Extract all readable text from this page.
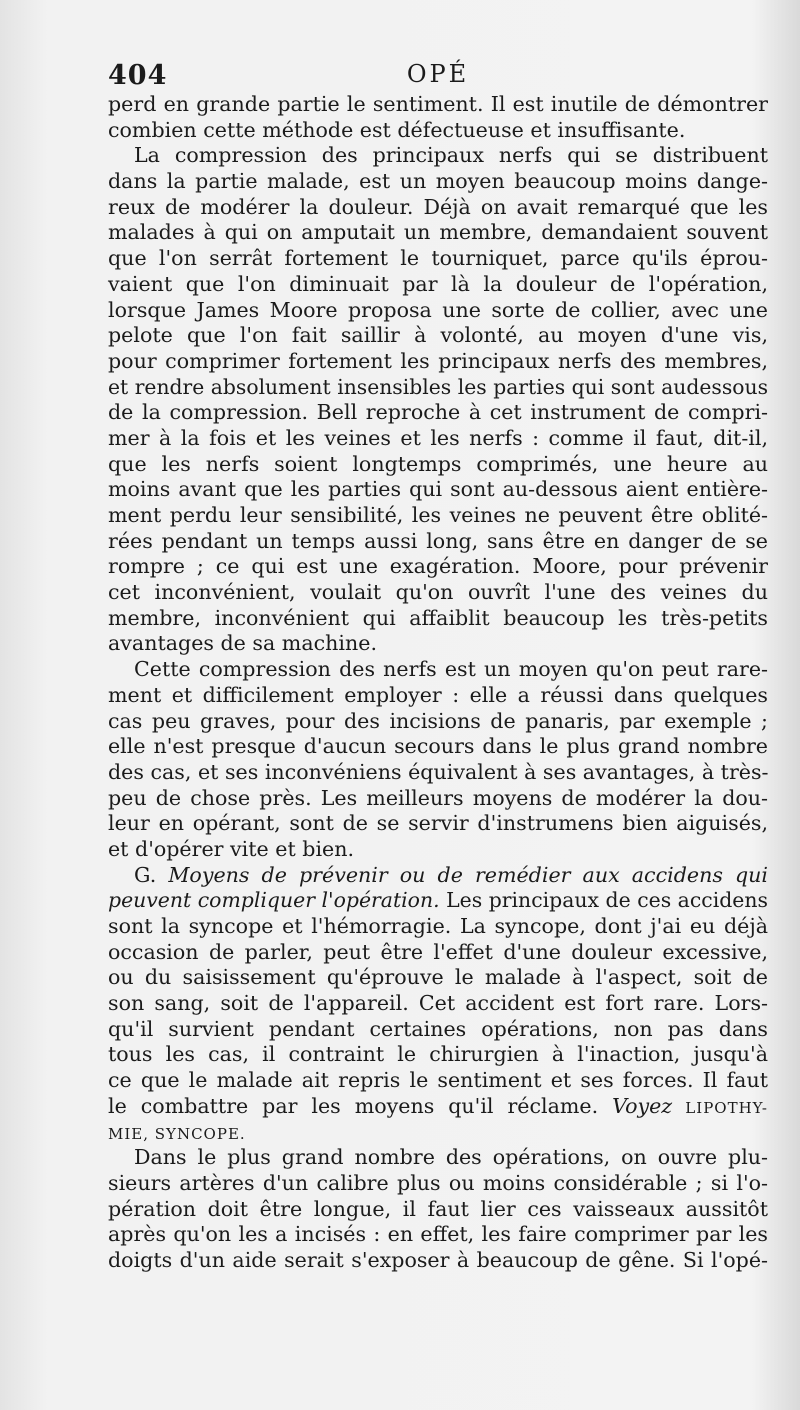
404	OPÉ
perd en grande partie le sentiment. Il est inutile de démontrer
combien cette méthode est défectueuse et insuffisante.
La compression des principaux nerfs qui se distribuent
dans la partie malade, est un moyen beaucoup moins dange-
reux de modérer la douleur. Déjà on avait remarqué que les
malades à qui on amputait un membre, demandaient souvent
que l'on serrât fortement le tourniquet, parce qu'ils éprou-
vaient que l'on diminuait par là la douleur de l'opération,
lorsque James Moore proposa une sorte de collier, avec une
pelote que l'on fait saillir à volonté, au moyen d'une vis,
pour comprimer fortement les principaux nerfs des membres,
et rendre absolument insensibles les parties qui sont audessous
de la compression. Bell reproche à cet instrument de compri-
mer à la fois et les veines et les nerfs : comme il faut, dit-il,
que les nerfs soient longtemps comprimés, une heure au
moins avant que les parties qui sont au-dessous aient entière-
ment perdu leur sensibilité, les veines ne peuvent être oblité-
rées pendant un temps aussi long, sans être en danger de se
rompre ; ce qui est une exagération. Moore, pour prévenir
cet inconvénient, voulait qu'on ouvrît l'une des veines du
membre, inconvénient qui affaiblit beaucoup les très-petits
avantages de sa machine.
Cette compression des nerfs est un moyen qu'on peut rare-
ment et difficilement employer : elle a réussi dans quelques
cas peu graves, pour des incisions de panaris, par exemple ;
elle n'est presque d'aucun secours dans le plus grand nombre
des cas, et ses inconvéniens équivalent à ses avantages, à très-
peu de chose près. Les meilleurs moyens de modérer la dou-
leur en opérant, sont de se servir d'instrumens bien aiguisés,
et d'opérer vite et bien.
G. Moyens de prévenir ou de remédier aux accidens qui
peuvent compliquer l'opération. Les principaux de ces accidens
sont la syncope et l'hémorragie. La syncope, dont j'ai eu déjà
occasion de parler, peut être l'effet d'une douleur excessive,
ou du saisissement qu'éprouve le malade à l'aspect, soit de
son sang, soit de l'appareil. Cet accident est fort rare. Lors-
qu'il survient pendant certaines opérations, non pas dans
tous les cas, il contraint le chirurgien à l'inaction, jusqu'à
ce que le malade ait repris le sentiment et ses forces. Il faut
le combattre par les moyens qu'il réclame. Voyez LIPOTHY-
MIE, SYNCOPE.
Dans le plus grand nombre des opérations, on ouvre plu-
sieurs artères d'un calibre plus ou moins considérable ; si l'o-
pération doit être longue, il faut lier ces vaisseaux aussitôt
après qu'on les a incisés : en effet, les faire comprimer par les
doigts d'un aide serait s'exposer à beaucoup de gêne. Si l'opé-
